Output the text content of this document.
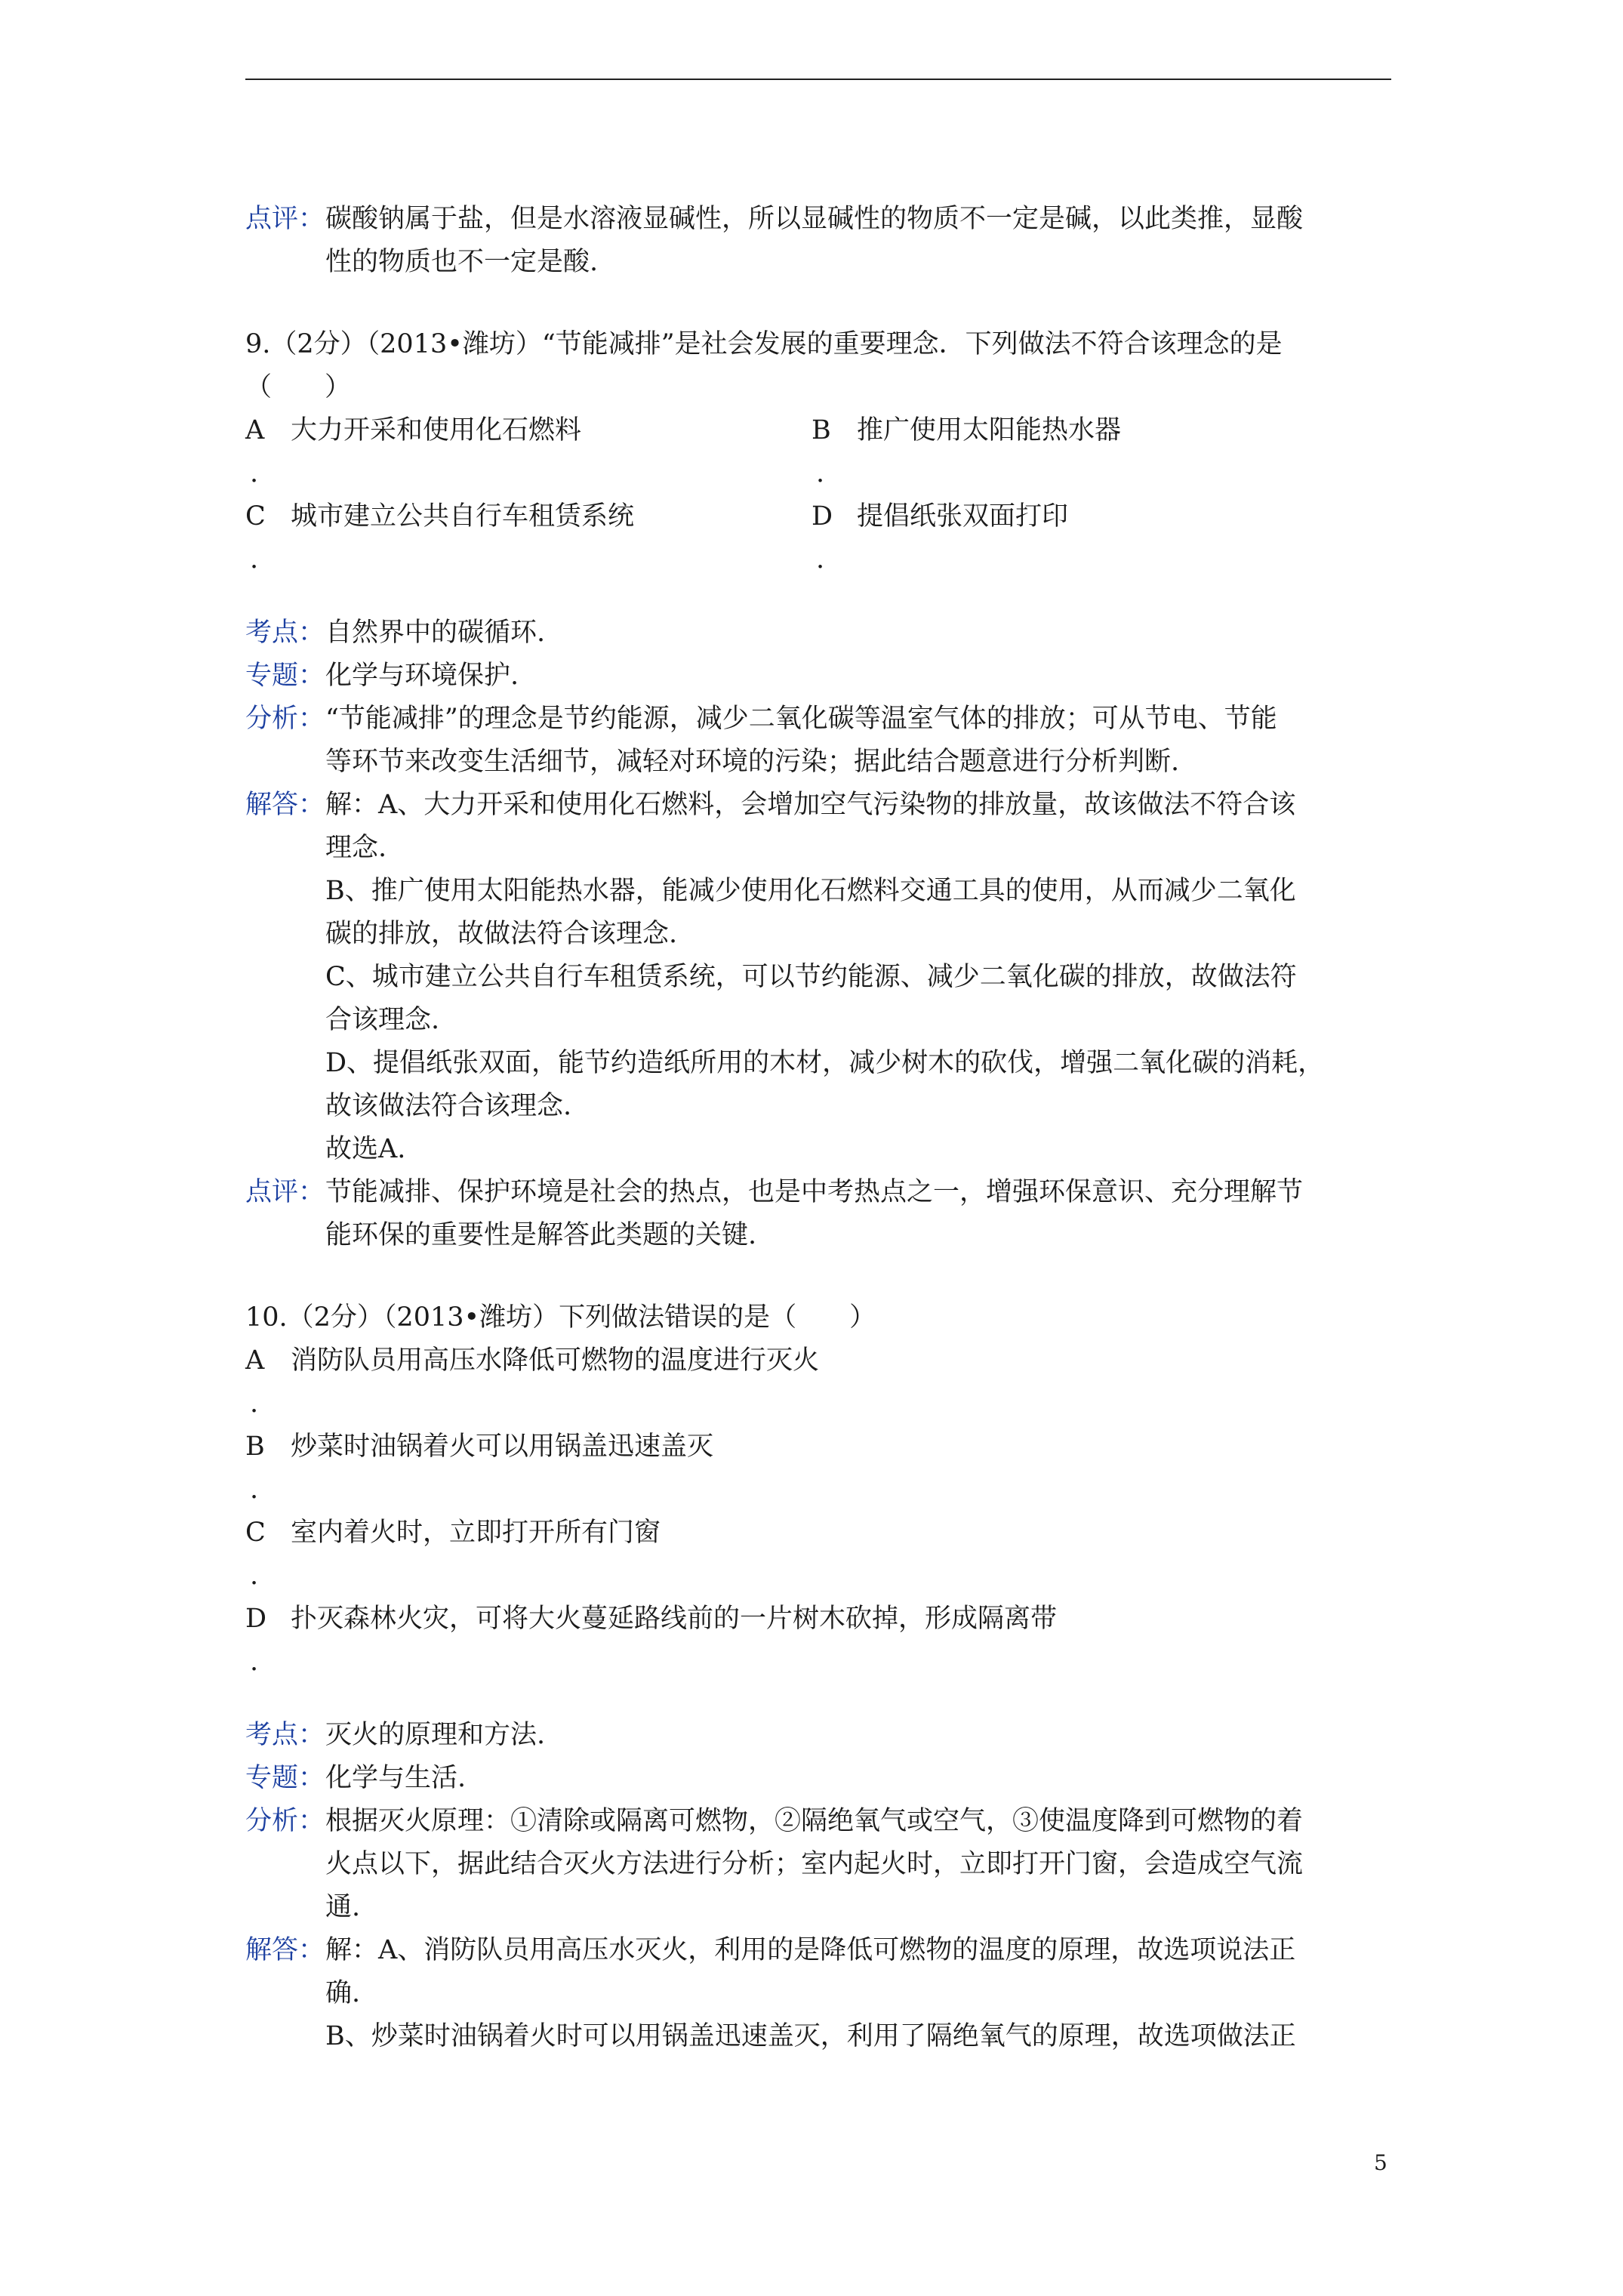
点评： 碳酸钠属于盐，但是水溶液显碱性，所以显碱性的物质不一定是碱，以此类推，显酸
性的物质也不一定是酸.
9.（2分）（2013•潍坊）“节能减排”是社会发展的重要理念．下列做法不符合该理念的是
（　　）
A 大力开采和使用化石燃料
.
B 推广使用太阳能热水器
.
C 城市建立公共自行车租赁系统
.
D 提倡纸张双面打印
.
考点： 自然界中的碳循环.
专题： 化学与环境保护.
分析： “节能减排”的理念是节约能源，减少二氧化碳等温室气体的排放；可从节电、节能
等环节来改变生活细节，减轻对环境的污染；据此结合题意进行分析判断.
解答： 解：A、大力开采和使用化石燃料，会增加空气污染物的排放量，故该做法不符合该
理念.
B、推广使用太阳能热水器，能减少使用化石燃料交通工具的使用，从而减少二氧化
碳的排放，故做法符合该理念.
C、城市建立公共自行车租赁系统，可以节约能源、减少二氧化碳的排放，故做法符
合该理念.
D、提倡纸张双面，能节约造纸所用的木材，减少树木的砍伐，增强二氧化碳的消耗，
故该做法符合该理念.
故选A.
点评： 节能减排、保护环境是社会的热点，也是中考热点之一，增强环保意识、充分理解节
能环保的重要性是解答此类题的关键.
10.（2分）（2013•潍坊）下列做法错误的是（　　）
A 消防队员用高压水降低可燃物的温度进行灭火
.
B 炒菜时油锅着火可以用锅盖迅速盖灭
.
C 室内着火时，立即打开所有门窗
.
D 扑灭森林火灾，可将大火蔓延路线前的一片树木砍掉，形成隔离带
.
考点： 灭火的原理和方法.
专题： 化学与生活.
分析： 根据灭火原理：①清除或隔离可燃物，②隔绝氧气或空气，③使温度降到可燃物的着
火点以下，据此结合灭火方法进行分析；室内起火时，立即打开门窗，会造成空气流
通.
解答： 解：A、消防队员用高压水灭火，利用的是降低可燃物的温度的原理，故选项说法正
确.
B、炒菜时油锅着火时可以用锅盖迅速盖灭，利用了隔绝氧气的原理，故选项做法正
5
